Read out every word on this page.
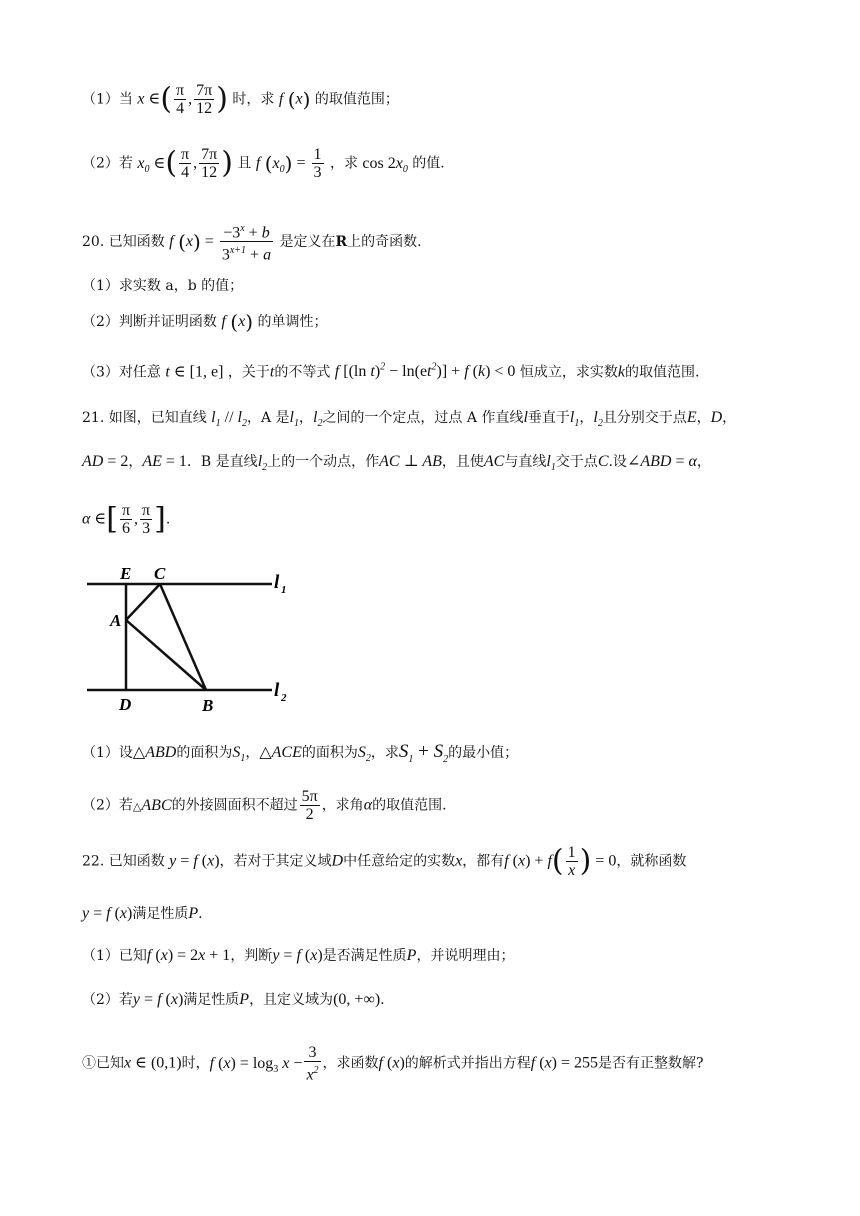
（1）当 x ∈( $\frac{\pi}{4}$ , $\frac{7\pi}{12}$ ) 时，求 f (x) 的取值范围；
（2）若 $x_0$ ∈( $\frac{\pi}{4}$ , $\frac{7\pi}{12}$ ) 且 f $(x_0) = \frac{1}{3}$ ，求 $\cos 2x_0$ 的值.
20. 已知函数 f $(x) = \frac{-3^x + b}{3^{x+1} + a}$ 是定义在R上的奇函数.
（1）求实数 a，b 的值；
（2）判断并证明函数 f (x) 的单调性；
（3）对任意 t ∈ [1, e] ，关于t的不等式 f [(ln $t)^2 - \ln(et^2)] + f$ (k) < 0 恒成立，求实数k的取值范围.
21. 如图，已知直线 $l_1 // l_2$，A 是$l_1$，$l_2$之间的一个定点，过点 A 作直线l垂直于$l_1$，$l_2$且分别交于点E，D，
AD = 2，AE = 1．B 是直线$l_2$上的一个动点，作AC ⊥ AB，且使AC与直线$l_1$交于点C.设∠ABD = α，
α ∈[ $\frac{\pi}{6}$ , $\frac{\pi}{3}$ ].
E C
A
D	B
l 1
l 2
（1）设△ABD的面积为$S_1$，△ACE的面积为$S_2$，求$S_1 + S_2$的最小值；
（2）若△ABC的外接圆面积不超过 $\frac{5\pi}{2}$ ，求角α的取值范围.
22. 已知函数 y = f (x)，若对于其定义域D中任意给定的实数x，都有f $(x) + f( \frac{1}{x}$ ) = 0，就称函数
y = f (x)满足性质P.
（1）已知f (x) = 2x + 1，判断y = f (x)是否满足性质P，并说明理由；
（2）若y = f (x)满足性质P，且定义域为(0, +∞).
①已知x ∈ (0,1)时，f $(x) = \log_3 x - \frac{3}{x^2}$ ，求函数f (x)的解析式并指出方程f (x) = 255是否有正整数解?
